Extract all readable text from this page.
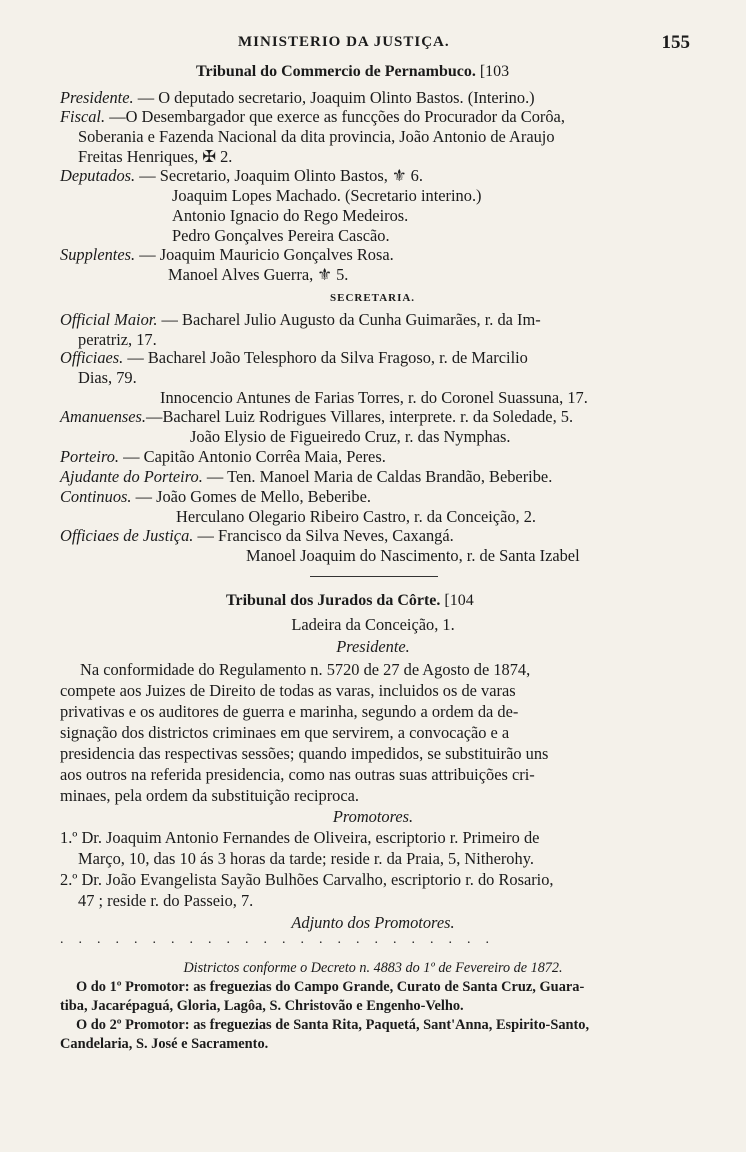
MINISTERIO DA JUSTIÇA.	155
Tribunal do Commercio de Pernambuco. [103
Presidente. — O deputado secretario, Joaquim Olinto Bastos. (Interino.)
Fiscal. —O Desembargador que exerce as funcções do Procurador da Corôa,
Soberania e Fazenda Nacional da dita provincia, João Antonio de Araujo
Freitas Henriques, ✠ 2.
Deputados. — Secretario, Joaquim Olinto Bastos, ⚜ 6.
Joaquim Lopes Machado. (Secretario interino.)
Antonio Ignacio do Rego Medeiros.
Pedro Gonçalves Pereira Cascão.
Supplentes. — Joaquim Mauricio Gonçalves Rosa.
Manoel Alves Guerra, ⚜ 5.
SECRETARIA.
Official Maior. — Bacharel Julio Augusto da Cunha Guimarães, r. da Im-
peratriz, 17.
Officiaes. — Bacharel João Telesphoro da Silva Fragoso, r. de Marcilio
Dias, 79.
Innocencio Antunes de Farias Torres, r. do Coronel Suassuna, 17.
Amanuenses.—Bacharel Luiz Rodrigues Villares, interprete. r. da Soledade, 5.
João Elysio de Figueiredo Cruz, r. das Nymphas.
Porteiro. — Capitão Antonio Corrêa Maia, Peres.
Ajudante do Porteiro. — Ten. Manoel Maria de Caldas Brandão, Beberibe.
Continuos. — João Gomes de Mello, Beberibe.
Herculano Olegario Ribeiro Castro, r. da Conceição, 2.
Officiaes de Justiça. — Francisco da Silva Neves, Caxangá.
Manoel Joaquim do Nascimento, r. de Santa Izabel
Tribunal dos Jurados da Côrte. [104
Ladeira da Conceição, 1.
Presidente.
Na conformidade do Regulamento n. 5720 de 27 de Agosto de 1874,
compete aos Juizes de Direito de todas as varas, incluidos os de varas
privativas e os auditores de guerra e marinha, segundo a ordem da de-
signação dos districtos criminaes em que servirem, a convocação e a
presidencia das respectivas sessões; quando impedidos, se substituirão uns
aos outros na referida presidencia, como nas outras suas attribuições cri-
minaes, pela ordem da substituição reciproca.
Promotores.
1.º Dr. Joaquim Antonio Fernandes de Oliveira, escriptorio r. Primeiro de
Março, 10, das 10 ás 3 horas da tarde; reside r. da Praia, 5, Nitherohy.
2.º Dr. João Evangelista Sayão Bulhões Carvalho, escriptorio r. do Rosario,
47 ; reside r. do Passeio, 7.
Adjunto dos Promotores.
........................
Districtos conforme o Decreto n. 4883 do 1º de Fevereiro de 1872.
O do 1º Promotor: as freguezias do Campo Grande, Curato de Santa Cruz, Guara-
tiba, Jacarépaguá, Gloria, Lagôa, S. Christovão e Engenho-Velho.
O do 2º Promotor: as freguezias de Santa Rita, Paquetá, Sant'Anna, Espirito-Santo,
Candelaria, S. José e Sacramento.
